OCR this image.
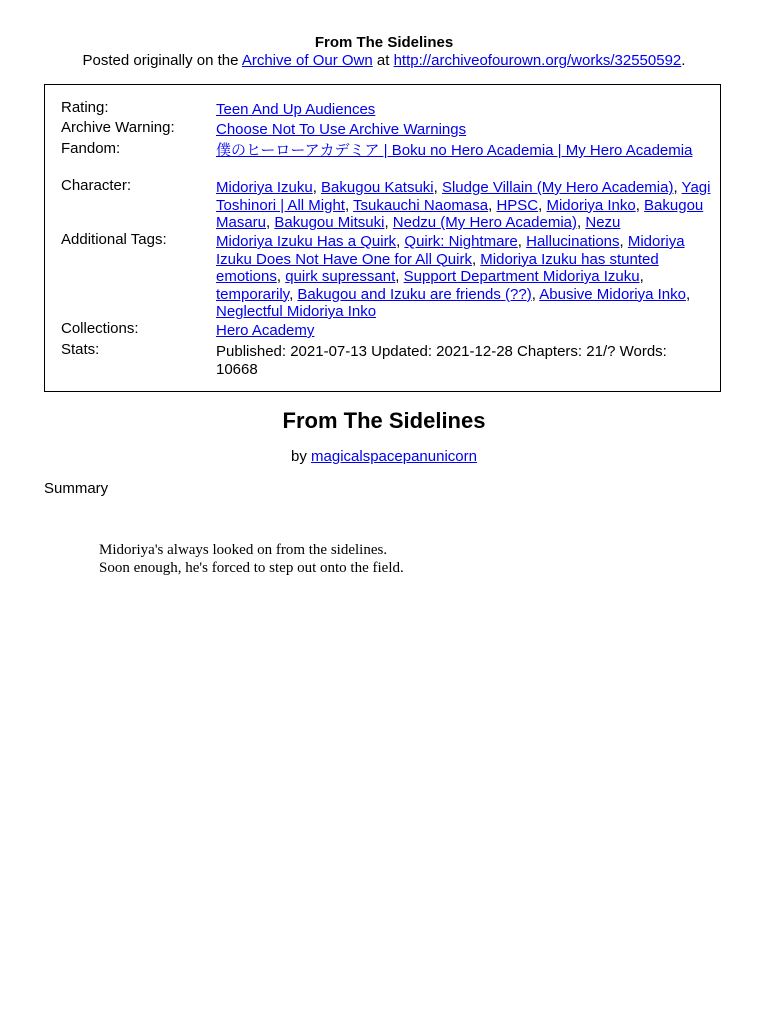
From The Sidelines
Posted originally on the Archive of Our Own at http://archiveofourown.org/works/32550592.
Rating:	Teen And Up Audiences
Archive Warning:	Choose Not To Use Archive Warnings
Fandom:	僕のヒーローアカデミア | Boku no Hero Academia | My Hero Academia
Character:	Midoriya Izuku, Bakugou Katsuki, Sludge Villain (My Hero Academia), Yagi Toshinori | All Might, Tsukauchi Naomasa, HPSC, Midoriya Inko, Bakugou Masaru, Bakugou Mitsuki, Nedzu (My Hero Academia), Nezu
Additional Tags:	Midoriya Izuku Has a Quirk, Quirk: Nightmare, Hallucinations, Midoriya Izuku Does Not Have One for All Quirk, Midoriya Izuku has stunted emotions, quirk supressant, Support Department Midoriya Izuku, temporarily, Bakugou and Izuku are friends (??), Abusive Midoriya Inko, Neglectful Midoriya Inko
Collections:	Hero Academy
Stats:	Published: 2021-07-13 Updated: 2021-12-28 Chapters: 21/? Words: 10668
From The Sidelines
by magicalspacepanunicorn
Summary

Midoriya's always looked on from the sidelines.

Soon enough, he's forced to step out onto the field.
